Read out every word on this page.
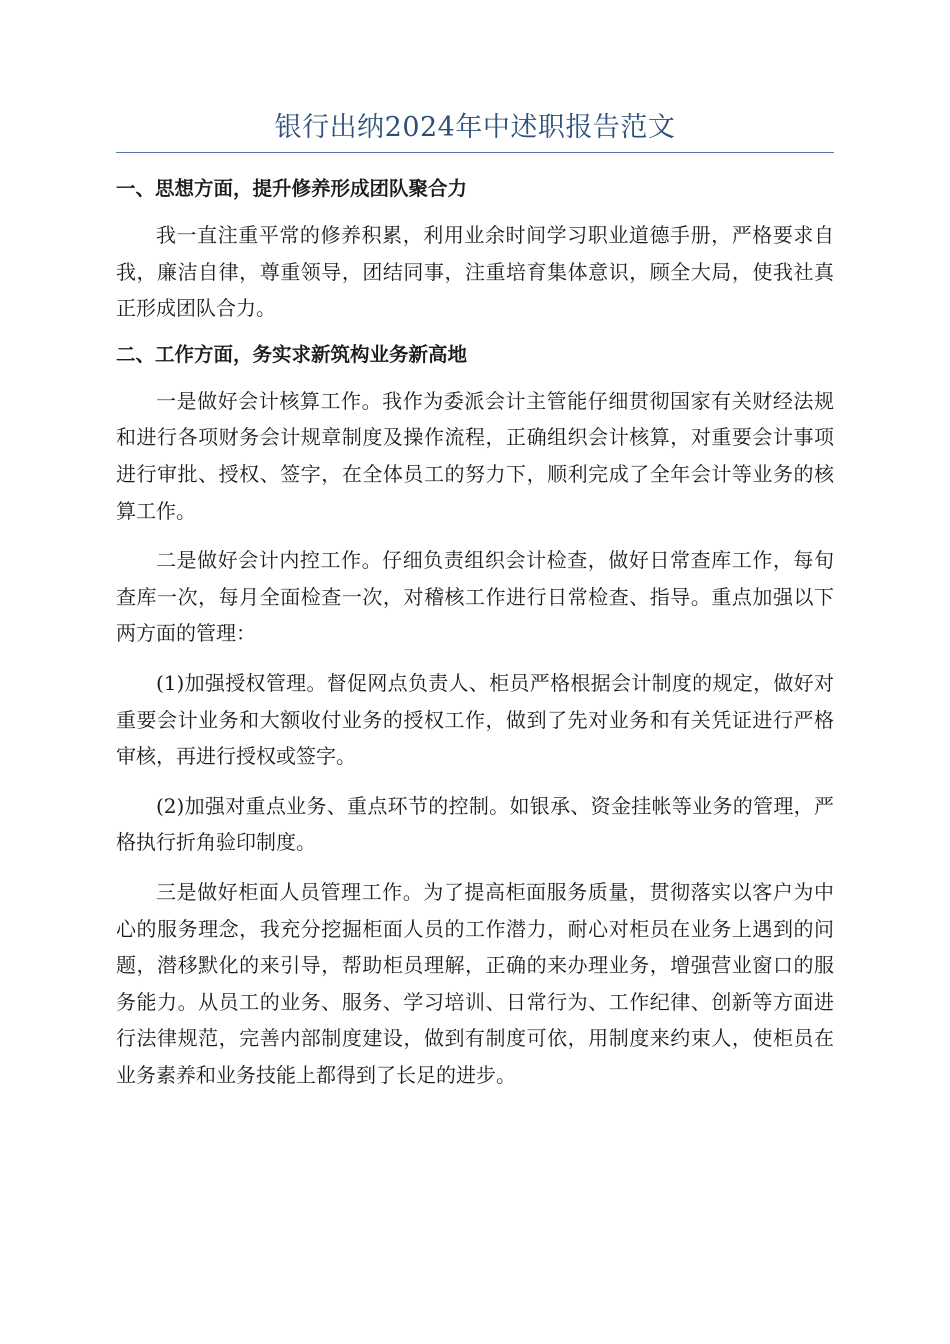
银行出纳2024年中述职报告范文
一、思想方面，提升修养形成团队聚合力

我一直注重平常的修养积累，利用业余时间学习职业道德手册，严格要求自我，廉洁自律，尊重领导，团结同事，注重培育集体意识，顾全大局，使我社真正形成团队合力。

二、工作方面，务实求新筑构业务新高地

一是做好会计核算工作。我作为委派会计主管能仔细贯彻国家有关财经法规和进行各项财务会计规章制度及操作流程，正确组织会计核算，对重要会计事项进行审批、授权、签字，在全体员工的努力下，顺利完成了全年会计等业务的核算工作。

二是做好会计内控工作。仔细负责组织会计检查，做好日常查库工作，每旬查库一次，每月全面检查一次，对稽核工作进行日常检查、指导。重点加强以下两方面的管理：

(1)加强授权管理。督促网点负责人、柜员严格根据会计制度的规定，做好对重要会计业务和大额收付业务的授权工作，做到了先对业务和有关凭证进行严格审核，再进行授权或签字。

(2)加强对重点业务、重点环节的控制。如银承、资金挂帐等业务的管理，严格执行折角验印制度。

三是做好柜面人员管理工作。为了提高柜面服务质量，贯彻落实以客户为中心的服务理念，我充分挖掘柜面人员的工作潜力，耐心对柜员在业务上遇到的问题，潜移默化的来引导，帮助柜员理解，正确的来办理业务，增强营业窗口的服务能力。从员工的业务、服务、学习培训、日常行为、工作纪律、创新等方面进行法律规范，完善内部制度建设，做到有制度可依，用制度来约束人，使柜员在业务素养和业务技能上都得到了长足的进步。
